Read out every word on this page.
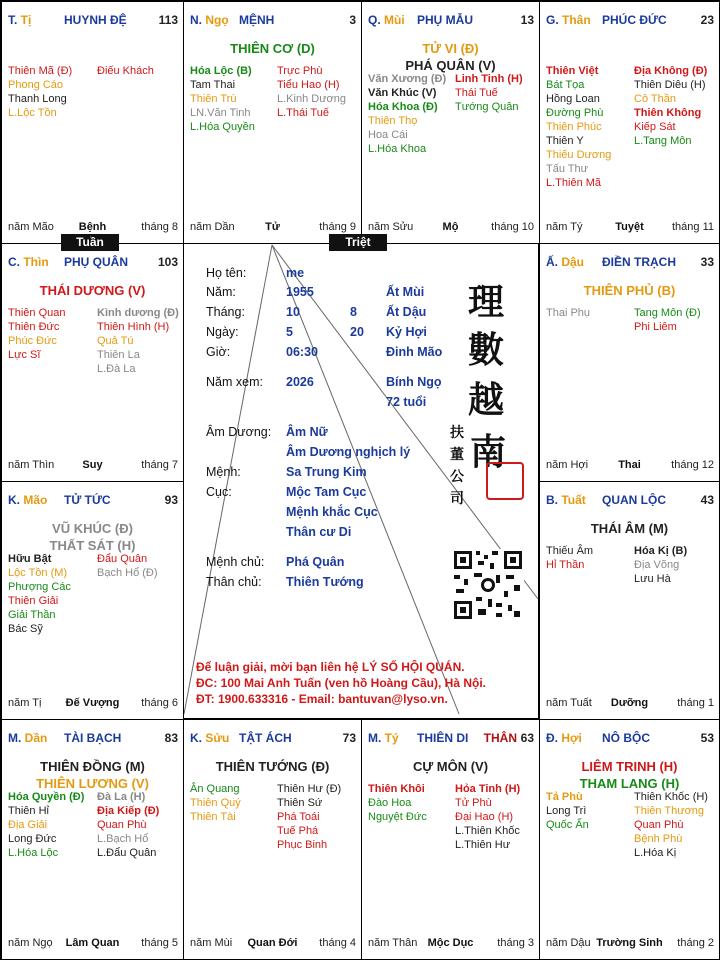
T. Tị	HUYNH ĐỆ	113
Thiên Mã (Đ)
Phong Cáo
Thanh Long
L.Lộc Tồn
Điếu Khách
năm Mão	Bệnh	tháng 8
N. Ngọ MỆNH	3
THIÊN CƠ (D)
Hóa Lộc (B)
Tam Thai
Thiên Trù
LN.Văn Tinh
L.Hóa Quyền
Trực Phù
Tiểu Hao (H)
L.Kinh Dương
L.Thái Tuế
năm Dần	Tử	tháng 9
Q. Mùi PHỤ MẪU	13
TỬ VI (Đ)
PHÁ QUÂN (V)
Văn Xương (Đ)
Văn Khúc (V)
Hóa Khoa (Đ)
Thiên Thọ
Hoa Cái
L.Hóa Khoa
Linh Tinh (H)
Thái Tuế
Tướng Quân
năm Sửu	Mộ	tháng 10
G. Thân PHÚC ĐỨC	23
Thiên Việt
Bát Tọa
Hồng Loan
Đường Phù
Thiên Phúc
Thiên Y
Thiếu Dương
Tấu Thư
L.Thiên Mã
Địa Không (Đ)
Thiên Diêu (H)
Cô Thần
Thiên Không
Kiếp Sát
L.Tang Môn
năm Tý	Tuyệt	tháng 11
C. Thìn PHỤ QUÂN 103
THÁI DƯƠNG (V)
Thiên Quan
Thiên Đức
Phúc Đức
Lực Sĩ
Kình dương (Đ)
Thiên Hình (H)
Quả Tú
Thiên La
L.Đà La
năm Thìn	Suy	tháng 7
Ấ. Dậu ĐIỀN TRẠCH 33
THIÊN PHỦ (B)
Thai Phụ	Tang Môn (Đ)
Phi Liêm
năm Hợi	Thai	tháng 12
K. Mão TỬ TỨC	93
VŨ KHÚC (Đ)
THẤT SÁT (H)
Hữu Bật
Lộc Tồn (M)
Phượng Các
Thiên Giải
Giải Thần
Bác Sỹ
Đẩu Quân
Bạch Hổ (Đ)
năm Tị	Đế Vượng	tháng 6
B. Tuất QUAN LỘC	43
THÁI ÂM (M)
Thiếu Âm
Hỉ Thần
Hóa Kị (B)
Địa Võng
Lưu Hà
năm Tuất	Dưỡng	tháng 1
M. Dần TÀI BẠCH	83
THIÊN ĐỒNG (M)
THIÊN LƯƠNG (V)
Hóa Quyền (Đ)
Thiên Hỉ
Địa Giải
Long Đức
L.Hóa Lộc
Đà La (H)
Địa Kiếp (Đ)
Quan Phù
L.Bạch Hổ
L.Đẩu Quân
năm Ngọ	Lâm Quan	tháng 5
K. Sửu TẬT ÁCH	73
THIÊN TƯỚNG (Đ)
Ân Quang
Thiên Quý
Thiên Tài
Thiên Hư (Đ)
Thiên Sứ
Phá Toái
Tuế Phá
Phục Binh
năm Mùi	Quan Đới	tháng 4
M. Tý THIÊN DI	63
THÂN
CỰ MÔN (V)
Thiên Khôi
Đào Hoa
Nguyệt Đức
Hỏa Tinh (H)
Tử Phù
Đại Hao (H)
L.Thiên Khốc
L.Thiên Hư
năm Thân Mộc Dục	tháng 3
Đ. Hợi NÔ BỘC	53
LIÊM TRINH (H)
THAM LANG (H)
Tả Phù
Long Trì
Quốc Ấn
Thiên Khốc (H)
Thiên Thương
Quan Phù
Bệnh Phù
L.Hóa Kị
năm Dậu Trường Sinh	tháng 2
Họ tên:	me
Năm:	1955	Ất Mùi
Tháng:	10	8 Ất Dậu
Ngày:	5	20 Kỷ Hợi
Giờ:	06:30	Đinh Mão
Năm xem: 2026	Bính Ngọ
72 tuổi
Âm Dương: Âm Nữ
Âm Dương nghịch lý
Mệnh:	Sa Trung Kim
Cục:	Mộc Tam Cục
Mệnh khắc Cục
Thân cư Di
Mệnh chủ: Phá Quân
Thân chủ: Thiên Tướng
理
數
越
南
扶
董
公
司
Để luận giải, mời bạn liên hệ LÝ SỐ HỘI QUÁN.
ĐC: 100 Mai Anh Tuấn (ven hồ Hoàng Cầu), Hà Nội.
ĐT: 1900.633316 - Email: bantuvan@lyso.vn.
Tuần	Triệt
